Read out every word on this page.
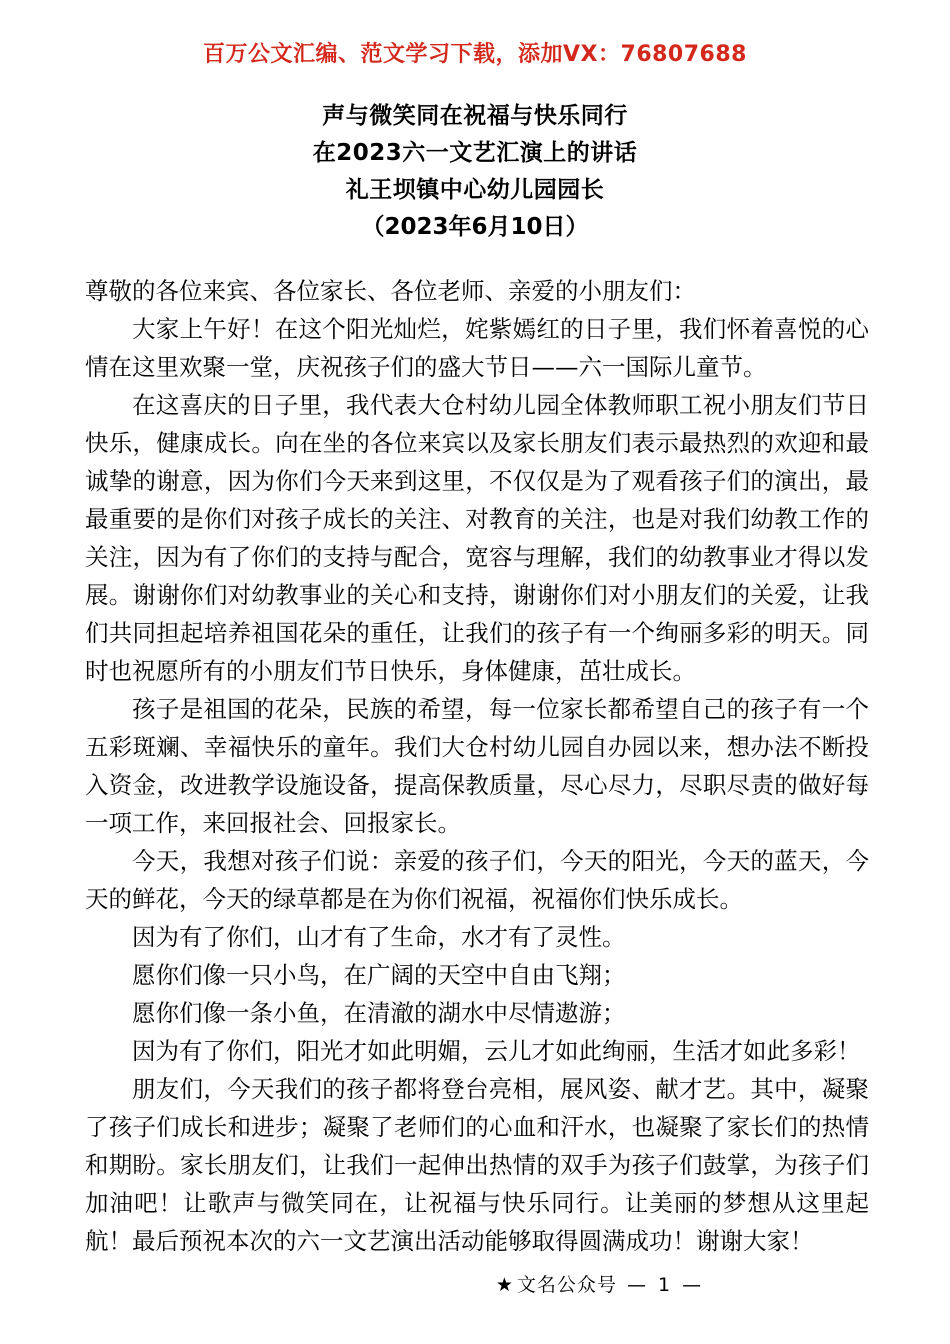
百万公文汇编、范文学习下载，添加VX：76807688
声与微笑同在祝福与快乐同行
在2023六一文艺汇演上的讲话
礼王坝镇中心幼儿园园长
（2023年6月10日）

尊敬的各位来宾、各位家长、各位老师、亲爱的小朋友们：

大家上午好！在这个阳光灿烂，姹紫嫣红的日子里，我们怀着喜悦的心情在这里欢聚一堂，庆祝孩子们的盛大节日——六一国际儿童节。

在这喜庆的日子里，我代表大仓村幼儿园全体教师职工祝小朋友们节日快乐，健康成长。向在坐的各位来宾以及家长朋友们表示最热烈的欢迎和最诚挚的谢意，因为你们今天来到这里，不仅仅是为了观看孩子们的演出，最最重要的是你们对孩子成长的关注、对教育的关注，也是对我们幼教工作的关注，因为有了你们的支持与配合，宽容与理解，我们的幼教事业才得以发展。谢谢你们对幼教事业的关心和支持，谢谢你们对小朋友们的关爱，让我们共同担起培养祖国花朵的重任，让我们的孩子有一个绚丽多彩的明天。同时也祝愿所有的小朋友们节日快乐，身体健康，茁壮成长。

孩子是祖国的花朵，民族的希望，每一位家长都希望自己的孩子有一个五彩斑斓、幸福快乐的童年。我们大仓村幼儿园自办园以来，想办法不断投入资金，改进教学设施设备，提高保教质量，尽心尽力，尽职尽责的做好每一项工作，来回报社会、回报家长。

今天，我想对孩子们说：亲爱的孩子们，今天的阳光，今天的蓝天，今天的鲜花，今天的绿草都是在为你们祝福，祝福你们快乐成长。

因为有了你们，山才有了生命，水才有了灵性。

愿你们像一只小鸟，在广阔的天空中自由飞翔；

愿你们像一条小鱼，在清澈的湖水中尽情遨游；

因为有了你们，阳光才如此明媚，云儿才如此绚丽，生活才如此多彩！

朋友们，今天我们的孩子都将登台亮相，展风姿、献才艺。其中，凝聚了孩子们成长和进步；凝聚了老师们的心血和汗水，也凝聚了家长们的热情和期盼。家长朋友们，让我们一起伸出热情的双手为孩子们鼓掌，为孩子们加油吧！让歌声与微笑同在，让祝福与快乐同行。让美丽的梦想从这里起航！最后预祝本次的六一文艺演出活动能够取得圆满成功！谢谢大家！

★ 文名公众号 — 1 —
